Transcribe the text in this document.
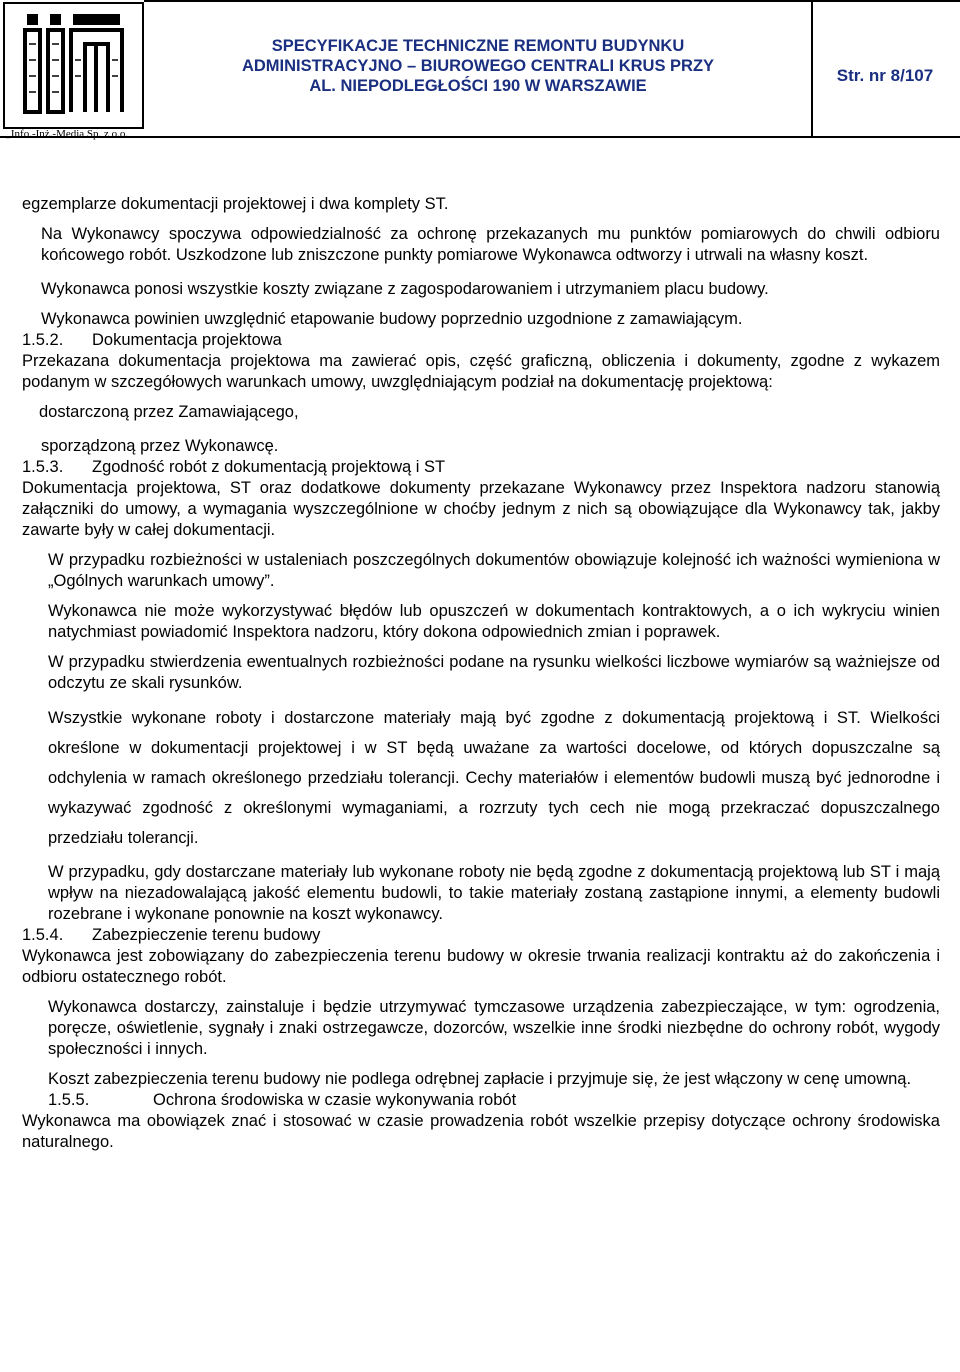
SPECYFIKACJE TECHNICZNE REMONTU BUDYNKU
ADMINISTRACYJNO – BIUROWEGO CENTRALI KRUS PRZY
AL. NIEPODLEGŁOŚCI 190 W WARSZAWIE
Str. nr 8/107
„Info.-Inż.-Media Sp. z o.o.

egzemplarze dokumentacji projektowej i dwa komplety ST.

Na Wykonawcy spoczywa odpowiedzialność za ochronę przekazanych mu punktów pomiarowych do chwili odbioru końcowego robót. Uszkodzone lub zniszczone punkty pomiarowe Wykonawca odtworzy i utrwali na własny koszt.

Wykonawca ponosi wszystkie koszty związane z zagospodarowaniem i utrzymaniem placu budowy.

Wykonawca powinien uwzględnić etapowanie budowy poprzednio uzgodnione z zamawiającym.

1.5.2. Dokumentacja projektowa

Przekazana dokumentacja projektowa ma zawierać opis, część graficzną, obliczenia i dokumenty, zgodne z wykazem podanym w szczegółowych warunkach umowy, uwzględniającym podział na dokumentację projektową:

dostarczoną przez Zamawiającego,

sporządzoną przez Wykonawcę.

1.5.3. Zgodność robót z dokumentacją projektową i ST

Dokumentacja projektowa, ST oraz dodatkowe dokumenty przekazane Wykonawcy przez Inspektora nadzoru stanowią załączniki do umowy, a wymagania wyszczególnione w choćby jednym z nich są obowiązujące dla Wykonawcy tak, jakby zawarte były w całej dokumentacji.

W przypadku rozbieżności w ustaleniach poszczególnych dokumentów obowiązuje kolejność ich ważności wymieniona w „Ogólnych warunkach umowy”.

Wykonawca nie może wykorzystywać błędów lub opuszczeń w dokumentach kontraktowych, a o ich wykryciu winien natychmiast powiadomić Inspektora nadzoru, który dokona odpowiednich zmian i poprawek.

W przypadku stwierdzenia ewentualnych rozbieżności podane na rysunku wielkości liczbowe wymiarów są ważniejsze od odczytu ze skali rysunków.

Wszystkie wykonane roboty i dostarczone materiały mają być zgodne z dokumentacją projektową i ST. Wielkości określone w dokumentacji projektowej i w ST będą uważane za wartości docelowe, od których dopuszczalne są odchylenia w ramach określonego przedziału tolerancji. Cechy materiałów i elementów budowli muszą być jednorodne i wykazywać zgodność z określonymi wymaganiami, a rozrzuty tych cech nie mogą przekraczać dopuszczalnego przedziału tolerancji.

W przypadku, gdy dostarczane materiały lub wykonane roboty nie będą zgodne z dokumentacją projektową lub ST i mają wpływ na niezadowalającą jakość elementu budowli, to takie materiały zostaną zastąpione innymi, a elementy budowli rozebrane i wykonane ponownie na koszt wykonawcy.

1.5.4. Zabezpieczenie terenu budowy

Wykonawca jest zobowiązany do zabezpieczenia terenu budowy w okresie trwania realizacji kontraktu aż do zakończenia i odbioru ostatecznego robót.

Wykonawca dostarczy, zainstaluje i będzie utrzymywać tymczasowe urządzenia zabezpieczające, w tym: ogrodzenia, poręcze, oświetlenie, sygnały i znaki ostrzegawcze, dozorców, wszelkie inne środki niezbędne do ochrony robót, wygody społeczności i innych.

Koszt zabezpieczenia terenu budowy nie podlega odrębnej zapłacie i przyjmuje się, że jest włączony w cenę umowną.

1.5.5.	Ochrona środowiska w czasie wykonywania robót

Wykonawca ma obowiązek znać i stosować w czasie prowadzenia robót wszelkie przepisy dotyczące ochrony środowiska naturalnego.
